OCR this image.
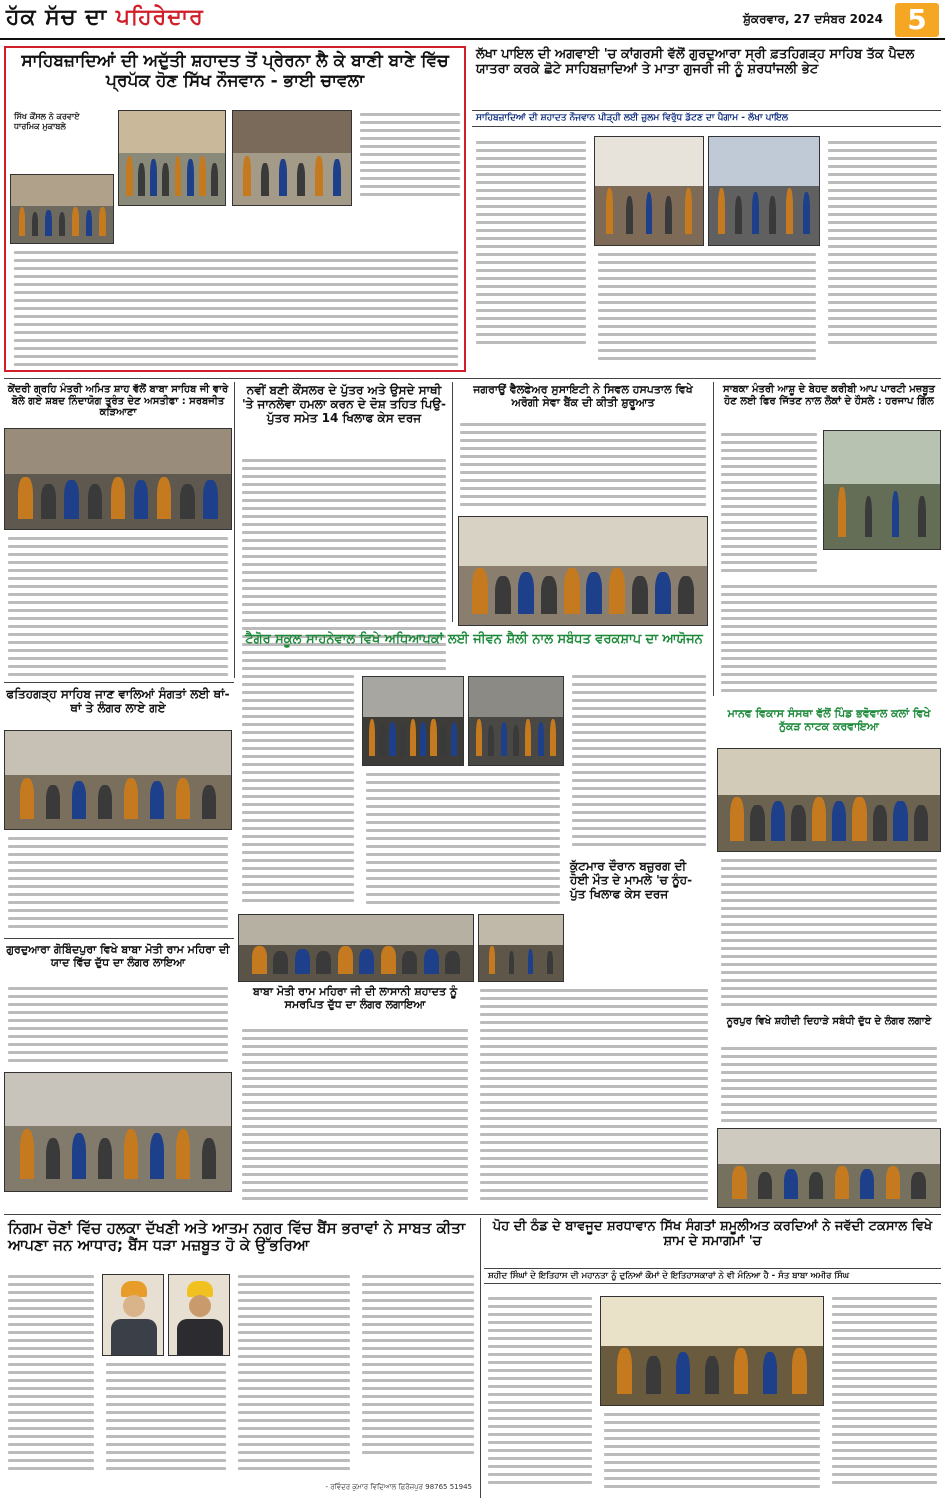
ਹੱਕ ਸੱਚ ਦਾ ਪਹਿਰੇਦਾਰ	ਸ਼ੁੱਕਰਵਾਰ, 27 ਦਸੰਬਰ 2024 5
ਸਾਹਿਬਜ਼ਾਦਿਆਂ ਦੀ ਅਦੁੱਤੀ ਸ਼ਹਾਦਤ ਤੋਂ ਪ੍ਰੇਰਨਾ ਲੈ ਕੇ ਬਾਣੀ ਬਾਣੇ ਵਿੱਚ ਪ੍ਰਪੱਕ ਹੋਣ ਸਿੱਖ ਨੌਜਵਾਨ - ਭਾਈ ਚਾਵਲਾ
ਸਿੱਖ ਕੌਂਸਲ ਨੇ ਕਰਵਾਏ ਧਾਰਮਿਕ ਮੁਕਾਬਲੇ
ਲੱਖਾ ਪਾਇਲ ਦੀ ਅਗਵਾਈ 'ਚ ਕਾਂਗਰਸੀ ਵੱਲੋਂ ਗੁਰਦੁਆਰਾ ਸ੍ਰੀ ਫ਼ਤਹਿਗੜ੍ਹ ਸਾਹਿਬ ਤੱਕ ਪੈਦਲ ਯਾਤਰਾ ਕਰਕੇ ਛੋਟੇ ਸਾਹਿਬਜ਼ਾਦਿਆਂ ਤੇ ਮਾਤਾ ਗੁਜਰੀ ਜੀ ਨੂੰ ਸ਼ਰਧਾਂਜਲੀ ਭੇਟ
ਸਾਹਿਬਜ਼ਾਦਿਆਂ ਦੀ ਸ਼ਹਾਦਤ ਨੌਜਵਾਨ ਪੀੜ੍ਹੀ ਲਈ ਜ਼ੁਲਮ ਵਿਰੁੱਧ ਡੱਟਣ ਦਾ ਪੈਗਾਮ - ਲੱਖਾ ਪਾਇਲ
ਕੇਂਦਰੀ ਗ੍ਰਹਿ ਮੰਤਰੀ ਅਮਿਤ ਸ਼ਾਹ ਵੱਲੋਂ ਬਾਬਾ ਸਾਹਿਬ ਜੀ ਵਾਰੇ ਬੋਲੇ ਗਏ ਸ਼ਬਦ ਨਿੰਦਾਯੋਗ ਤੁਰੰਤ ਦੇਣ ਅਸਤੀਫਾ : ਸਰਬਜੀਤ ਕੜਿਆਣਾ
ਨਵੀਂ ਬਣੀ ਕੌਂਸਲਰ ਦੇ ਪੁੱਤਰ ਅਤੇ ਉਸਦੇ ਸਾਥੀ 'ਤੇ ਜਾਨਲੇਵਾ ਹਮਲਾ ਕਰਨ ਦੇ ਦੋਸ਼ ਤਹਿਤ ਪਿਉ-ਪੁੱਤਰ ਸਮੇਤ 14 ਖਿਲਾਫ ਕੇਸ ਦਰਜ
ਜਗਰਾਉਂ ਵੈਲਫੇਅਰ ਸੁਸਾਇਟੀ ਨੇ ਸਿਵਲ ਹਸਪਤਾਲ ਵਿਖੇ ਅਰੋਗੀ ਸੇਵਾ ਬੈਂਕ ਦੀ ਕੀਤੀ ਸ਼ੁਰੂਆਤ
ਸਾਬਕਾ ਮੰਤਰੀ ਆਸ਼ੂ ਦੇ ਬੇਹਦ ਕਰੀਬੀ ਆਪ ਪਾਰਟੀ ਮਜ਼ਬੂਤ ਹੋਣ ਲਈ ਫਿਰ ਜਿੱਤਣ ਨਾਲ ਲੋਕਾਂ ਦੇ ਹੌਸਲੇ : ਹਰਜਾਪ ਗਿੱਲ
ਟੈਗੋਰ ਸਕੂਲ ਸਾਹਨੇਵਾਲ ਵਿਖੇ ਅਧਿਆਪਕਾਂ ਲਈ ਜੀਵਨ ਸ਼ੈਲੀ ਨਾਲ ਸਬੰਧਤ ਵਰਕਸ਼ਾਪ ਦਾ ਆਯੋਜਨ
ਫਤਿਹਗੜ੍ਹ ਸਾਹਿਬ ਜਾਣ ਵਾਲਿਆਂ ਸੰਗਤਾਂ ਲਈ ਥਾਂ-ਥਾਂ ਤੇ ਲੰਗਰ ਲਾਏ ਗਏ	ਮਾਨਵ ਵਿਕਾਸ ਸੰਸਥਾ ਵੱਲੋਂ ਪਿੰਡ ਭਵੋਵਾਲ ਕਲਾਂ ਵਿਖੇ ਨੁੱਕੜ ਨਾਟਕ ਕਰਵਾਇਆ
ਕੁੱਟਮਾਰ ਦੌਰਾਨ ਬਜ਼ੁਰਗ ਦੀ ਹੋਈ ਮੌਤ ਦੇ ਮਾਮਲੇ 'ਚ ਨੂੰਹ- ਪੁੱਤ ਖਿਲਾਫ ਕੇਸ ਦਰਜ
ਗੁਰਦੁਆਰਾ ਗੋਬਿੰਦਪੁਰਾ ਵਿਖੇ ਬਾਬਾ ਮੋਤੀ ਰਾਮ ਮਹਿਰਾ ਦੀ ਯਾਦ ਵਿੱਚ ਦੁੱਧ ਦਾ ਲੰਗਰ ਲਾਇਆ
ਬਾਬਾ ਮੋਤੀ ਰਾਮ ਮਹਿਰਾ ਜੀ ਦੀ ਲਾਸਾਨੀ ਸ਼ਹਾਦਤ ਨੂੰ ਸਮਰਪਿਤ ਦੁੱਧ ਦਾ ਲੰਗਰ ਲਗਾਇਆ
ਨੂਰਪੁਰ ਵਿਖੇ ਸ਼ਹੀਦੀ ਦਿਹਾੜੇ ਸਬੰਧੀ ਦੁੱਧ ਦੇ ਲੰਗਰ ਲਗਾਏ
ਨਿਗਮ ਚੋਣਾਂ ਵਿੱਚ ਹਲਕਾ ਦੱਖਣੀ ਅਤੇ ਆਤਮ ਨਗਰ ਵਿੱਚ ਬੈਂਸ ਭਰਾਵਾਂ ਨੇ ਸਾਬਤ ਕੀਤਾ ਆਪਣਾ ਜਨ ਆਧਾਰ; ਬੈਂਸ ਧੜਾ ਮਜ਼ਬੂਤ ਹੋ ਕੇ ਉੱਭਰਿਆ
- ਰਵਿੰਦਰ ਕੁਮਾਰ ਵਿਦਿਆਲ ਫ਼ਿਰੋਜ਼ਪੁਰ 98765 51945
ਪੋਹ ਦੀ ਠੰਡ ਦੇ ਬਾਵਜੂਦ ਸ਼ਰਧਾਵਾਨ ਸਿੱਖ ਸੰਗਤਾਂ ਸ਼ਮੂਲੀਅਤ ਕਰਦਿਆਂ ਨੇ ਜਵੱਦੀ ਟਕਸਾਲ ਵਿਖੇ ਸ਼ਾਮ ਦੇ ਸਮਾਗਮਾਂ 'ਚ
ਸ਼ਹੀਦ ਸਿੰਘਾਂ ਦੇ ਇਤਿਹਾਸ ਦੀ ਮਹਾਨਤਾ ਨੂੰ ਦੁਨਿਆਂ ਕੌਮਾਂ ਦੇ ਇਤਿਹਾਸਕਾਰਾਂ ਨੇ ਵੀ ਮੰਨਿਆ ਹੈ - ਸੰਤ ਬਾਬਾ ਅਮੀਰ ਸਿੰਘ
